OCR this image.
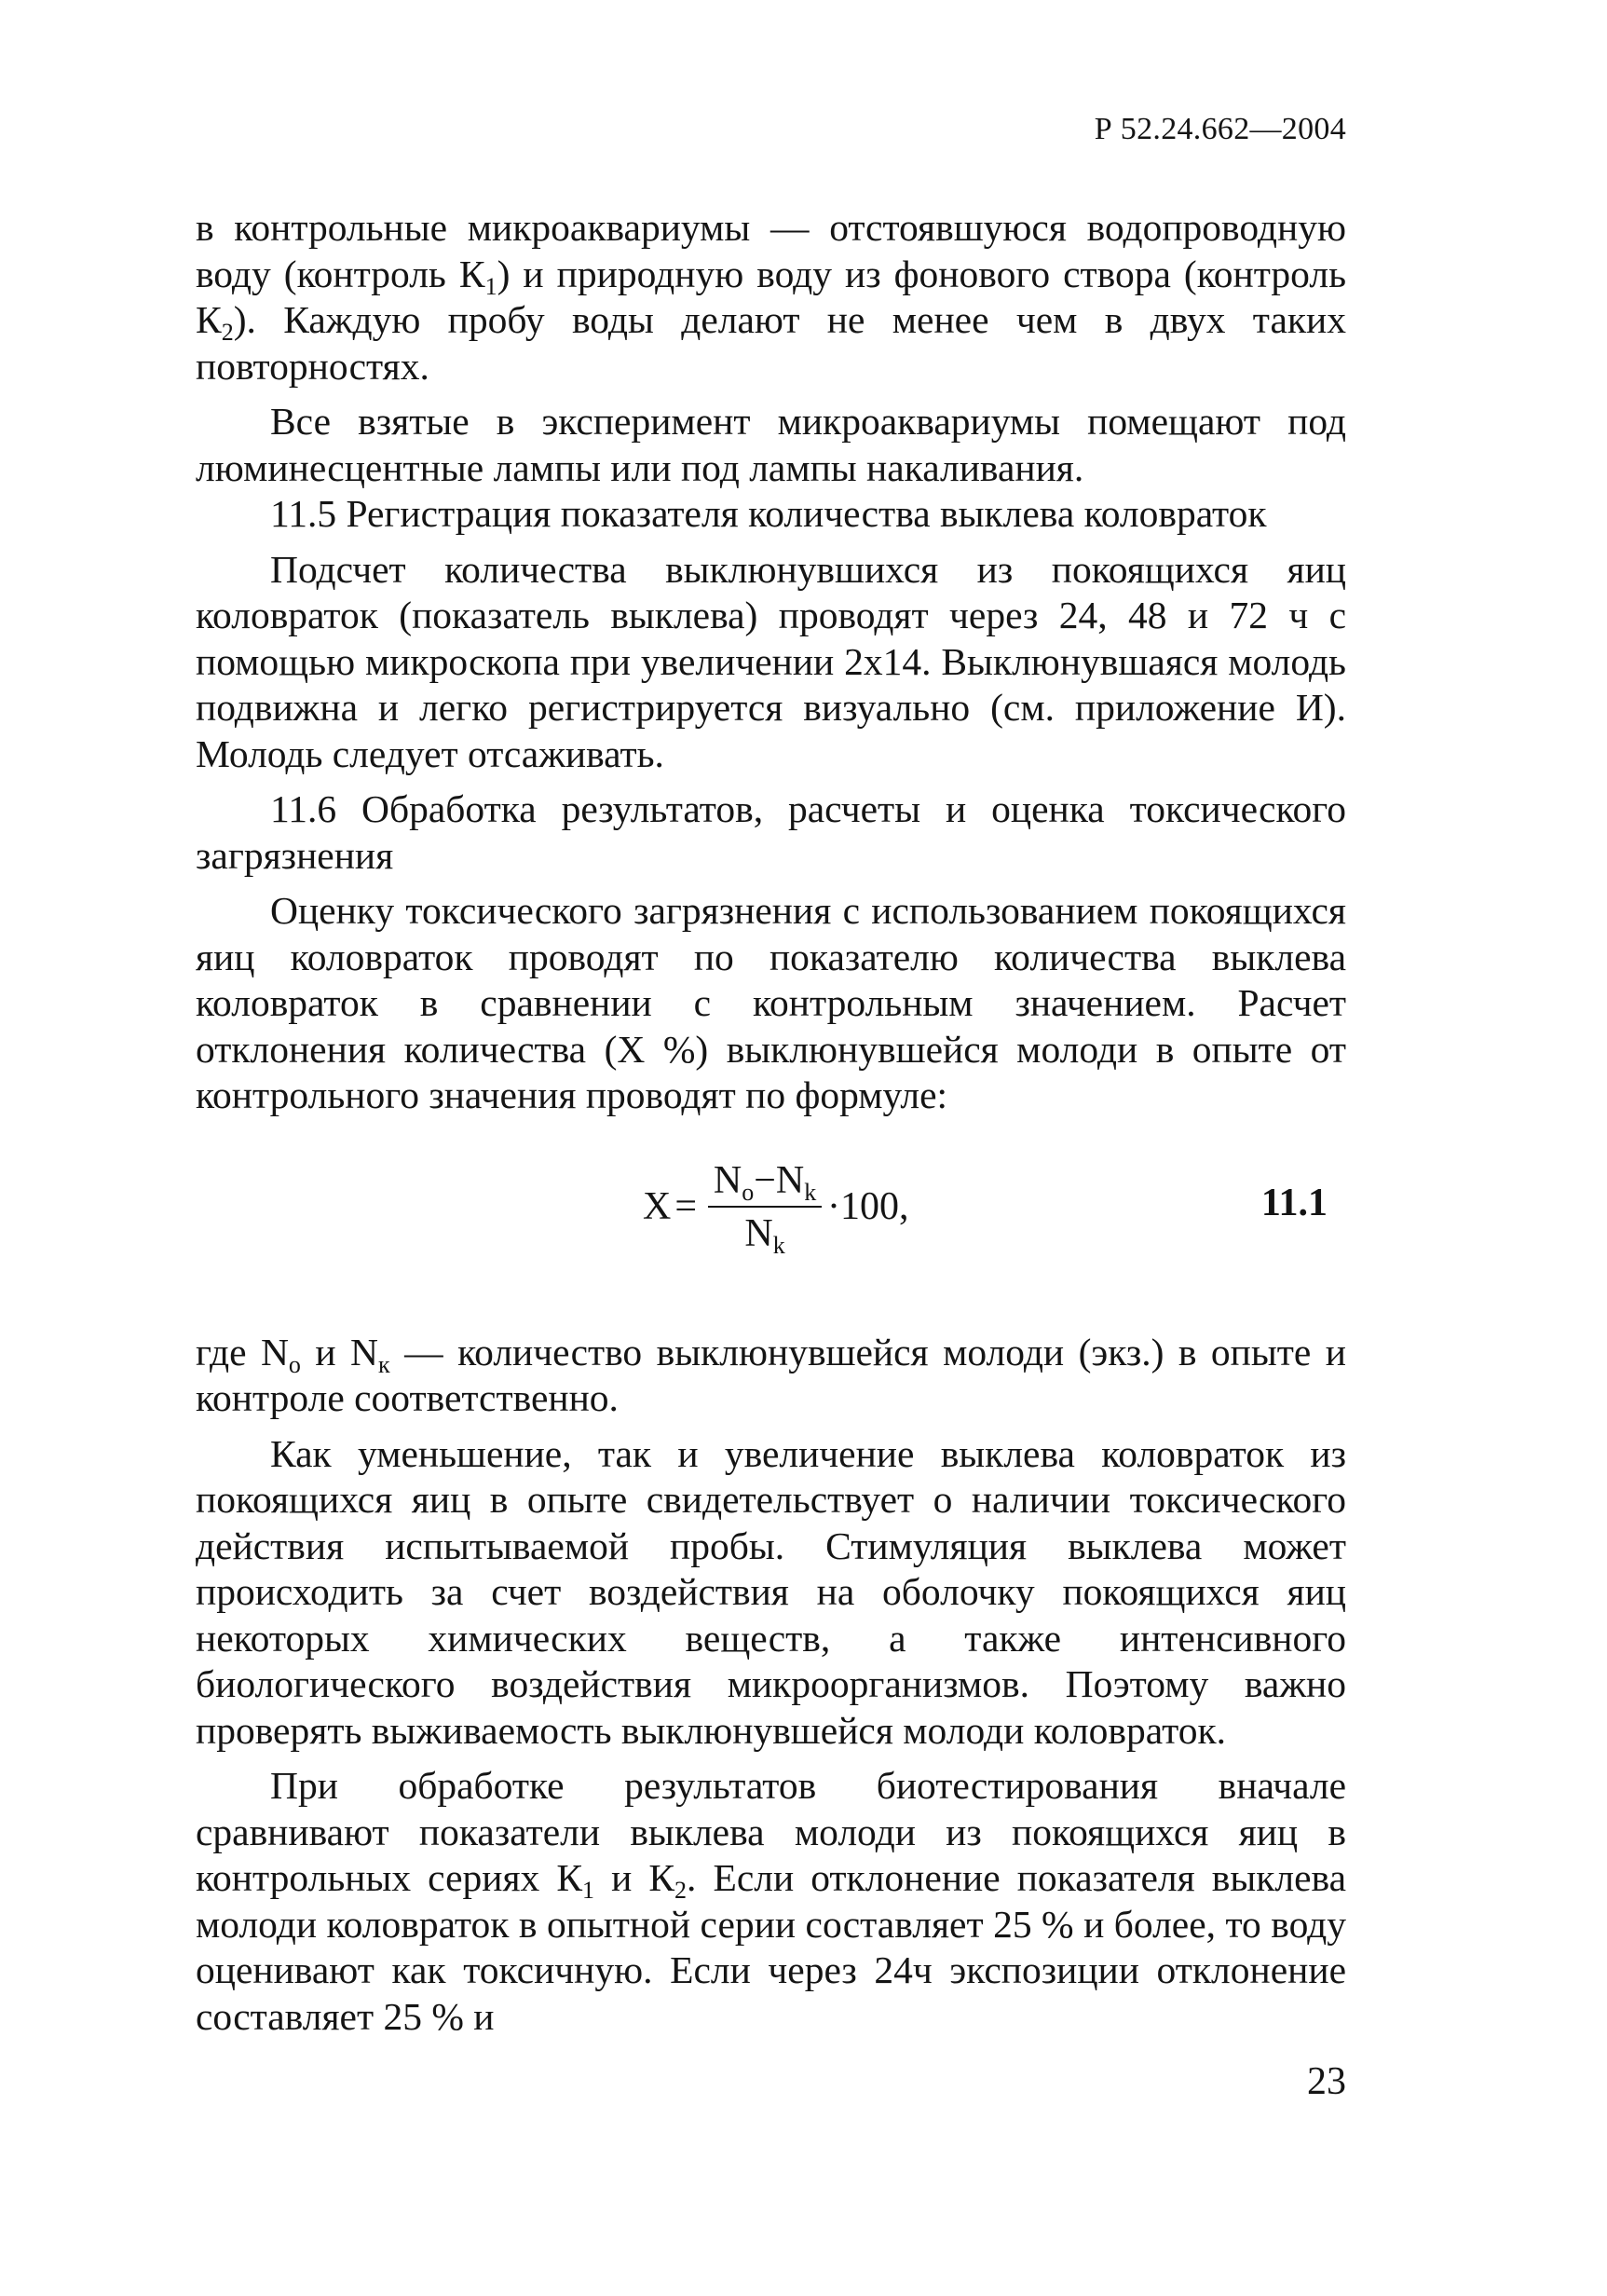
Р 52.24.662—2004

в контрольные микроаквариумы — отстоявшуюся водопроводную воду (контроль $К_1$) и природную воду из фонового створа (контроль $К_2$). Каждую пробу воды делают не менее чем в двух таких повторностях.

Все взятые в эксперимент микроаквариумы помещают под люминесцентные лампы или под лампы накаливания.

11.5 Регистрация показателя количества выклева коловраток

Подсчет количества выклюнувшихся из покоящихся яиц коловраток (показатель выклева) проводят через 24, 48 и 72 ч с помощью микроскопа при увеличении 2х14. Выклюнувшаяся молодь подвижна и легко регистрируется визуально (см. приложение И). Молодь следует отсаживать.

11.6 Обработка результатов, расчеты и оценка токсического загрязнения

Оценку токсического загрязнения с использованием покоящихся яиц коловраток проводят по показателю количества выклева коловраток в сравнении с контрольным значением. Расчет отклонения количества (X %) выклюнувшейся молоди в опыте от контрольного значения проводят по формуле:

$X = \frac{N_o-N_k}{N_k} \cdot 100$,	11.1

где $N_o$ и $N_к$ — количество выклюнувшейся молоди (экз.) в опыте и контроле соответственно.

Как уменьшение, так и увеличение выклева коловраток из покоящихся яиц в опыте свидетельствует о наличии токсического действия испытываемой пробы. Стимуляция выклева может происходить за счет воздействия на оболочку покоящихся яиц некоторых химических веществ, а также интенсивного биологического воздействия микроорганизмов. Поэтому важно проверять выживаемость выклюнувшейся молоди коловраток.

При обработке результатов биотестирования вначале сравнивают показатели выклева молоди из покоящихся яиц в контрольных сериях $К_1$ и $К_2$. Если отклонение показателя выклева молоди коловраток в опытной серии составляет 25 % и более, то воду оценивают как токсичную. Если через 24ч экспозиции отклонение составляет 25 % и

23
